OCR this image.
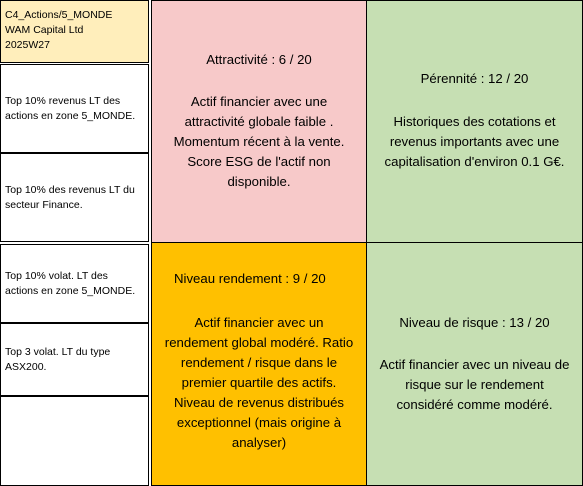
C4_Actions/5_MONDE
WAM Capital Ltd
2025W27
Top 10% revenus LT des
actions en zone 5_MONDE.
Top 10% des revenus LT du
secteur Finance.
Top 10% volat. LT des
actions en zone 5_MONDE.
Top 3 volat. LT du type
ASX200.
Attractivité : 6 / 20
Actif financier avec une
attractivité globale faible .
Momentum récent à la vente.
Score ESG de l'actif non
disponible.
Pérennité : 12 / 20
Historiques des cotations et
revenus importants avec une
capitalisation d'environ 0.1 G€.
Niveau rendement : 9 / 20
Actif financier avec un
rendement global modéré. Ratio
rendement / risque dans le
premier quartile des actifs.
Niveau de revenus distribués
exceptionnel (mais origine à
analyser)
Niveau de risque : 13 / 20
Actif financier avec un niveau de
risque sur le rendement
considéré comme modéré.
